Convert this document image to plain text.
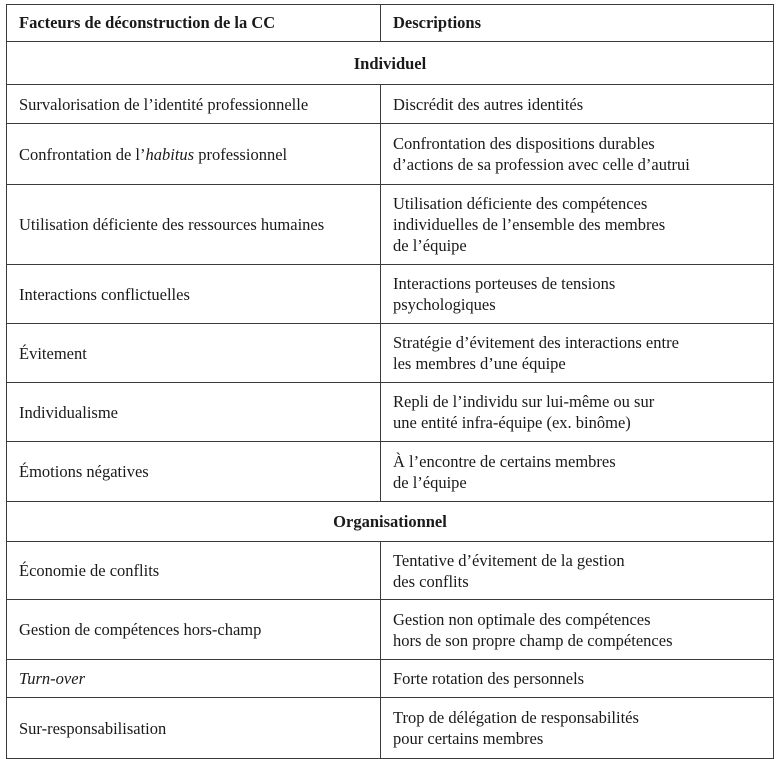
Facteurs de déconstruction de la CC	Descriptions
Individuel	
Survalorisation de l’identité professionnelle	Discrédit des autres identités
Confrontation de l’habitus professionnel	Confrontation des dispositions durables
d’actions de sa profession avec celle d’autrui

Utilisation déficiente des ressources humaines	Utilisation déficiente des compétences
individuelles de l’ensemble des membres
de l’équipe

Interactions conflictuelles	Interactions porteuses de tensions
psychologiques

Évitement	Stratégie d’évitement des interactions entre
les membres d’une équipe

Individualisme	Repli de l’individu sur lui-même ou sur
une entité infra-équipe (ex. binôme)

Émotions négatives	À l’encontre de certains membres
de l’équipe

Organisationnel	
Économie de conflits	Tentative d’évitement de la gestion
des conflits

Gestion de compétences hors-champ	Gestion non optimale des compétences
hors de son propre champ de compétences

Turn-over	Forte rotation des personnels
Sur-responsabilisation	Trop de délégation de responsabilités
pour certains membres
